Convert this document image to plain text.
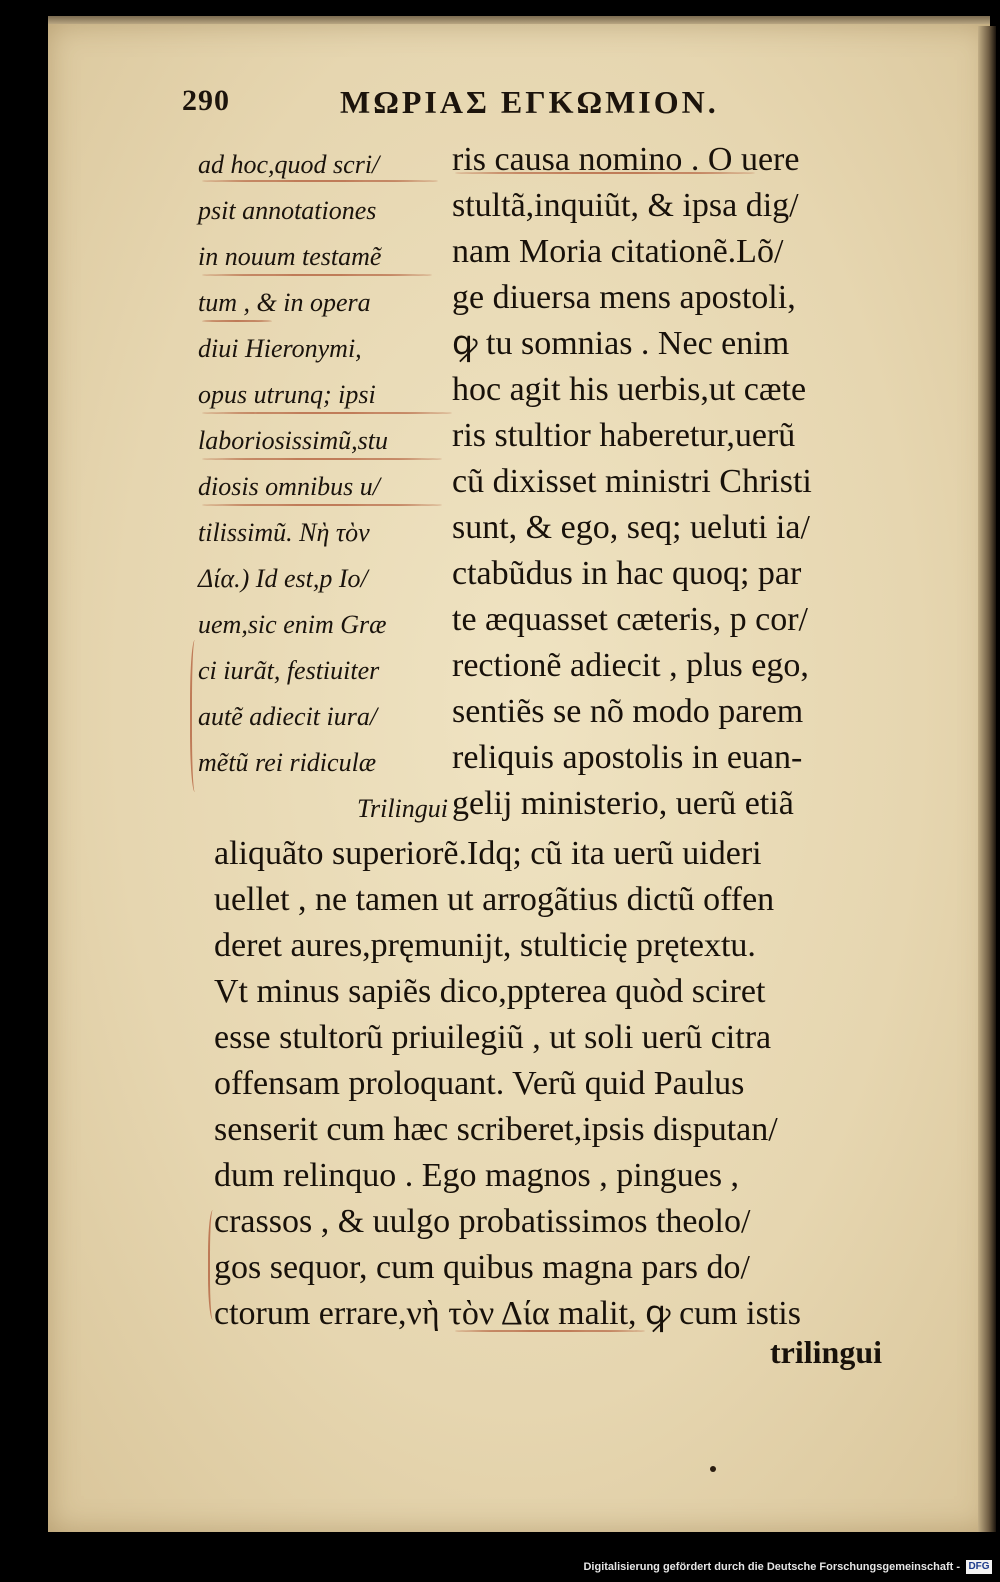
290	ΜΩΡΙΑΣ ΕΓΚΩΜΙΟΝ.
ad hoc,quod scri/
psit annotationes
in nouum testamẽ
tum , & in opera
diui Hieronymi,
opus utrunq; ipsi
laboriosissimũ,stu
diosis omnibus u/
tilissimũ. Nὴ τὸν
Δία.) Id est,p Io/
uem,sic enim Græ
ci iurãt, festiuiter
autẽ adiecit iura/
mẽtũ rei ridiculæ
Trilingui
ris causa nomino . O uere
stultã,inquiũt, & ipsa dig/
nam Moria citationẽ.Lõ/
ge diuersa mens apostoli,
ꝙ tu somnias . Nec enim
hoc agit his uerbis,ut cæte
ris stultior haberetur,uerũ
cũ dixisset ministri Christi
sunt, & ego, seq; ueluti ia/
ctabũdus in hac quoq; par
te æquasset cæteris, p cor/
rectionẽ adiecit , plus ego,
sentiẽs se nõ modo parem
reliquis apostolis in euan-
gelij ministerio, uerũ etiã
aliquãto superiorẽ.Idq; cũ ita uerũ uideri
uellet , ne tamen ut arrogãtius dictũ offen
deret aures,pręmunijt, stulticię prętextu.
Vt minus sapiẽs dico,ppterea quòd sciret
esse stultorũ priuilegiũ , ut soli uerũ citra
offensam proloquant. Verũ quid Paulus
senserit cum hæc scriberet,ipsis disputan/
dum relinquo . Ego magnos , pingues ,
crassos , & uulgo probatissimos theolo/
gos sequor, cum quibus magna pars do/
ctorum errare,νὴ τὸν Δία malit, ꝙ cum istis
trilingui
Digitalisierung gefördert durch die Deutsche Forschungsgemeinschaft - DFG
